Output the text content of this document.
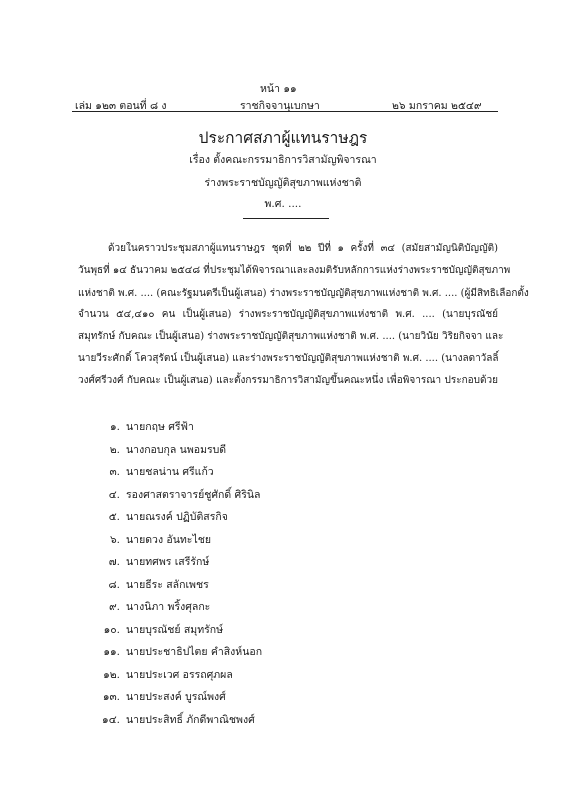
หน้า ๑๑
เล่ม ๑๒๓ ตอนที่ ๘ ง	ราชกิจจานุเบกษา	๒๖ มกราคม ๒๕๔๙
ประกาศสภาผู้แทนราษฎร
เรื่อง ตั้งคณะกรรมาธิการวิสามัญพิจารณา
ร่างพระราชบัญญัติสุขภาพแห่งชาติ
พ.ศ. ....
ด้วยในคราวประชุมสภาผู้แทนราษฎร ชุดที่ ๒๒ ปีที่ ๑ ครั้งที่ ๓๔ (สมัยสามัญนิติบัญญัติ)
วันพุธที่ ๑๔ ธันวาคม ๒๕๔๘ ที่ประชุมได้พิจารณาและลงมติรับหลักการแห่งร่างพระราชบัญญัติสุขภาพ
แห่งชาติ พ.ศ. .... (คณะรัฐมนตรีเป็นผู้เสนอ) ร่างพระราชบัญญัติสุขภาพแห่งชาติ พ.ศ. .... (ผู้มีสิทธิเลือกตั้ง
จำนวน ๕๔,๔๑๐ คน เป็นผู้เสนอ) ร่างพระราชบัญญัติสุขภาพแห่งชาติ พ.ศ. .... (นายบุรณัชย์
สมุทรักษ์ กับคณะ เป็นผู้เสนอ) ร่างพระราชบัญญัติสุขภาพแห่งชาติ พ.ศ. .... (นายวินัย วิริยกิจจา และ
นายวีระศักดิ์ โควสุรัตน์ เป็นผู้เสนอ) และร่างพระราชบัญญัติสุขภาพแห่งชาติ พ.ศ. .... (นางลดาวัลลิ์
วงศ์ศรีวงศ์ กับคณะ เป็นผู้เสนอ) และตั้งกรรมาธิการวิสามัญขึ้นคณะหนึ่ง เพื่อพิจารณา ประกอบด้วย
๑. นายกฤษ ศรีฟ้า
๒. นางกอบกุล นพอมรบดี
๓. นายชลน่าน ศรีแก้ว
๔. รองศาสตราจารย์ชูศักดิ์ ศิรินิล
๕. นายณรงค์ ปฏิบัติสรกิจ
๖. นายดวง อันทะไชย
๗. นายทศพร เสรีรักษ์
๘. นายธีระ สลักเพชร
๙. นางนิภา พริ้งศุลกะ
๑๐. นายบุรณัชย์ สมุทรักษ์
๑๑. นายประชาธิปไตย คำสิงห์นอก
๑๒. นายประเวศ อรรถศุภผล
๑๓. นายประสงค์ บูรณ์พงศ์
๑๔. นายประสิทธิ์ ภักดีพาณิชพงศ์
